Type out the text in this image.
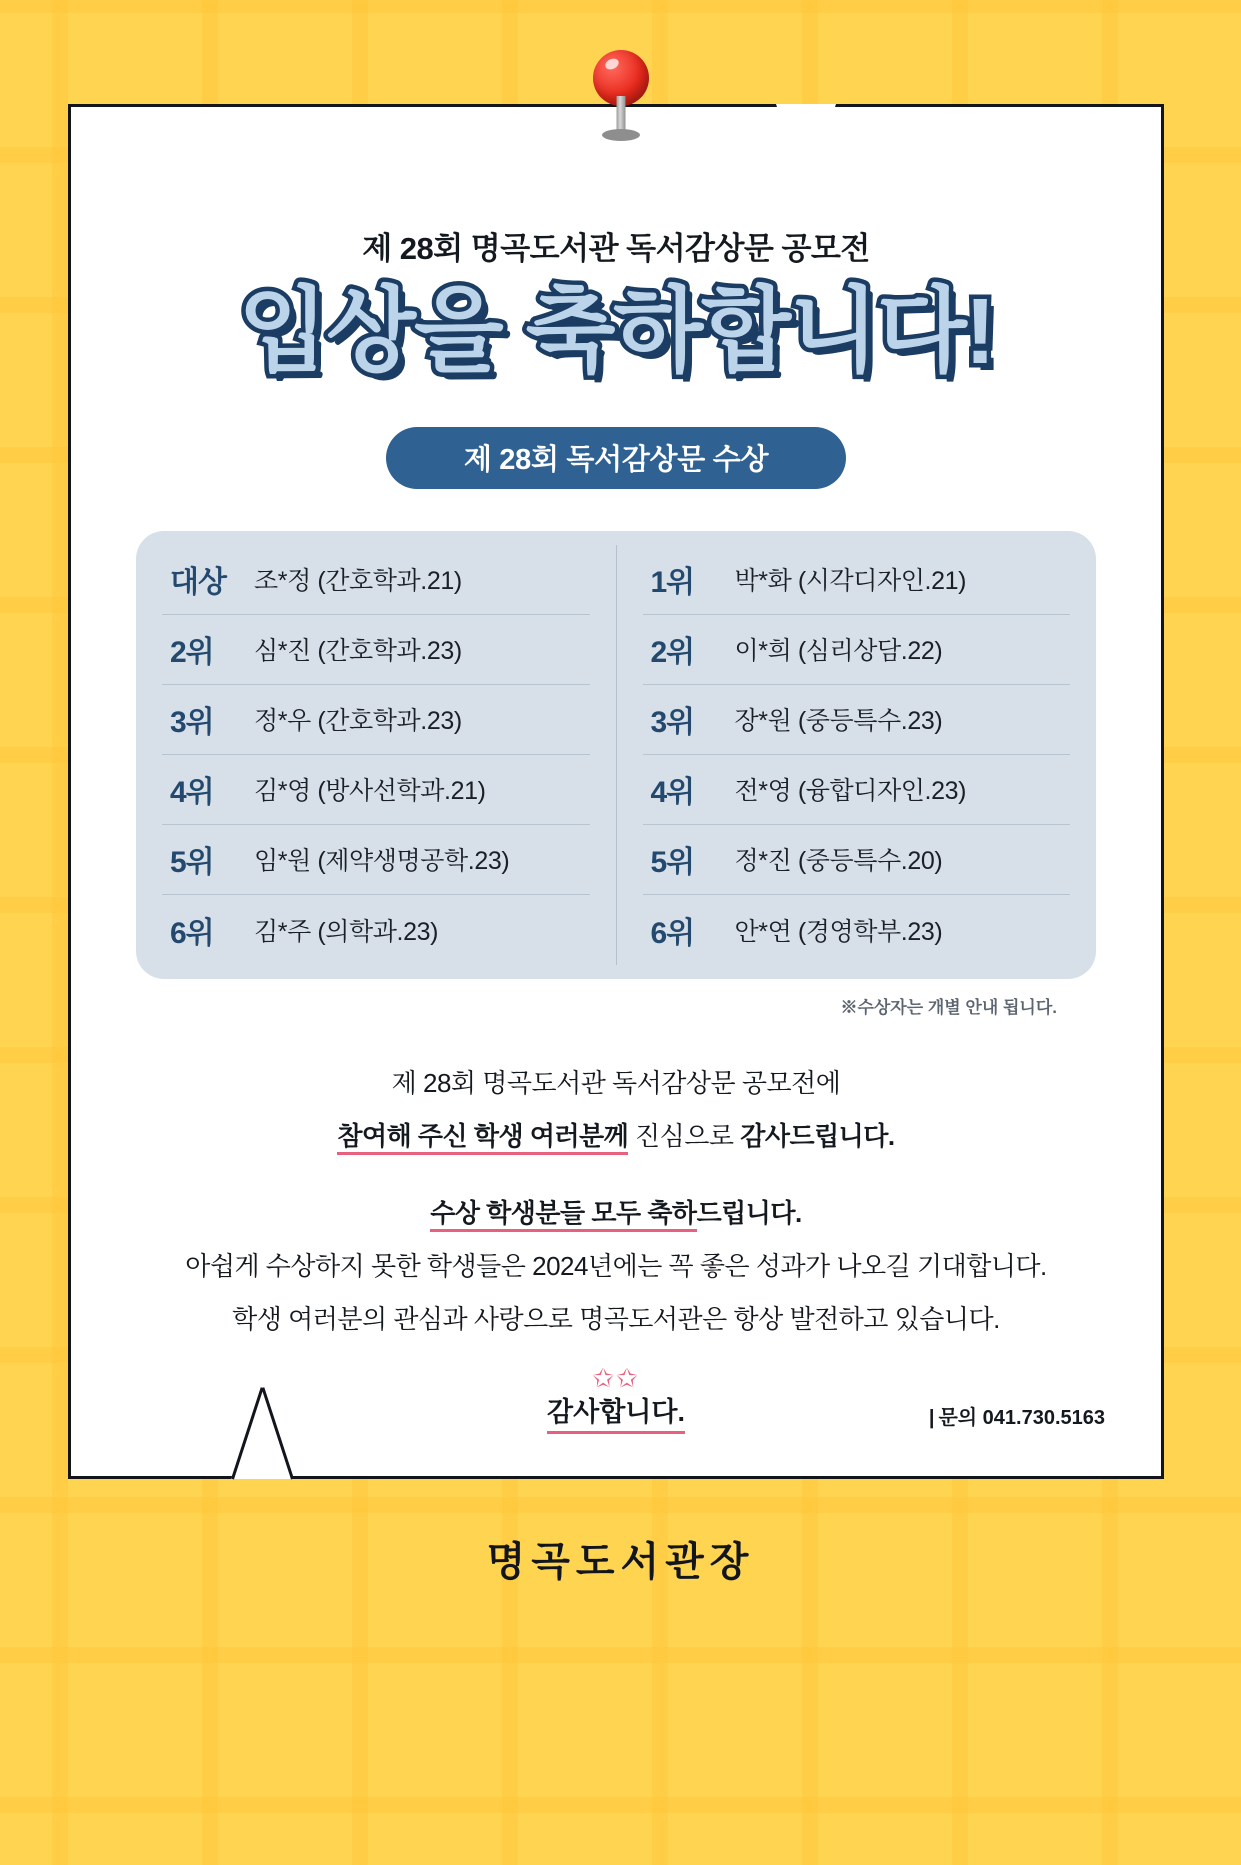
제 28회 명곡도서관 독서감상문 공모전
입상을 축하합니다!
제 28회 독서감상문 수상
대상	조*정 (간호학과.21)
2위	심*진 (간호학과.23)
3위	정*우 (간호학과.23)
4위	김*영 (방사선학과.21)
5위	임*원 (제약생명공학.23)
6위	김*주 (의학과.23)
1위	박*화 (시각디자인.21)
2위	이*희 (심리상담.22)
3위	장*원 (중등특수.23)
4위	전*영 (융합디자인.23)
5위	정*진 (중등특수.20)
6위	안*연 (경영학부.23)
※수상자는 개별 안내 됩니다.

제 28회 명곡도서관 독서감상문 공모전에

참여해 주신 학생 여러분께 진심으로 감사드립니다.

수상 학생분들 모두 축하드립니다.

아쉽게 수상하지 못한 학생들은 2024년에는 꼭 좋은 성과가 나오길 기대합니다.

학생 여러분의 관심과 사랑으로 명곡도서관은 항상 발전하고 있습니다.

✩✩
감사합니다.	| 문의 041.730.5163
명곡도서관장
